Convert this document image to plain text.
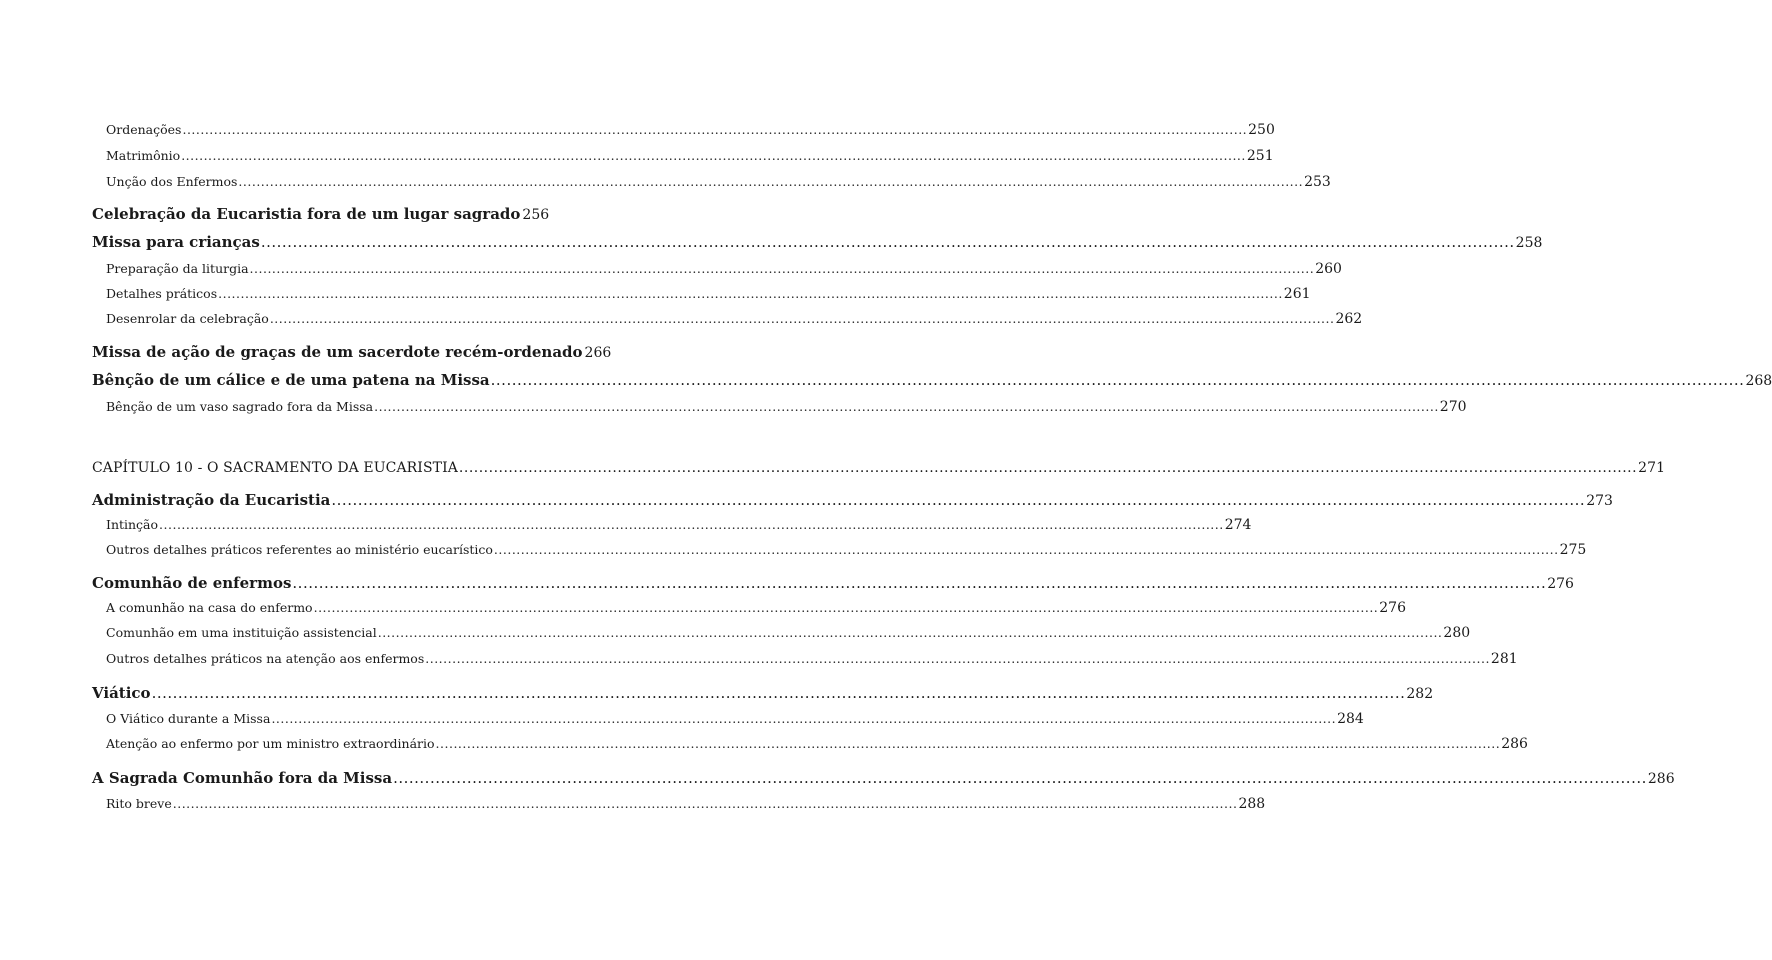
Ordenações .....	250
Matrimônio .....	251
Unção dos Enfermos .....	253
Celebração da Eucaristia fora de um lugar sagrado 256
Missa para crianças .....	258
Preparação da liturgia .....	260
Detalhes práticos .....	261
Desenrolar da celebração .....	262
Missa de ação de graças de um sacerdote recém-ordenado 266
Bênção de um cálice e de uma patena na Missa .....	268
Bênção de um vaso sagrado fora da Missa .....	270
CAPÍTULO 10 - O SACRAMENTO DA EUCARISTIA .....	271
Administração da Eucaristia .....	273
Intinção .....	274
Outros detalhes práticos referentes ao ministério eucarístico .....	275
Comunhão de enfermos .....	276
A comunhão na casa do enfermo .....	276
Comunhão em uma instituição assistencial .....	280
Outros detalhes práticos na atenção aos enfermos .....	281
Viático .....	282
O Viático durante a Missa .....	284
Atenção ao enfermo por um ministro extraordinário .....	286
A Sagrada Comunhão fora da Missa .....	286
Rito breve .....	288
